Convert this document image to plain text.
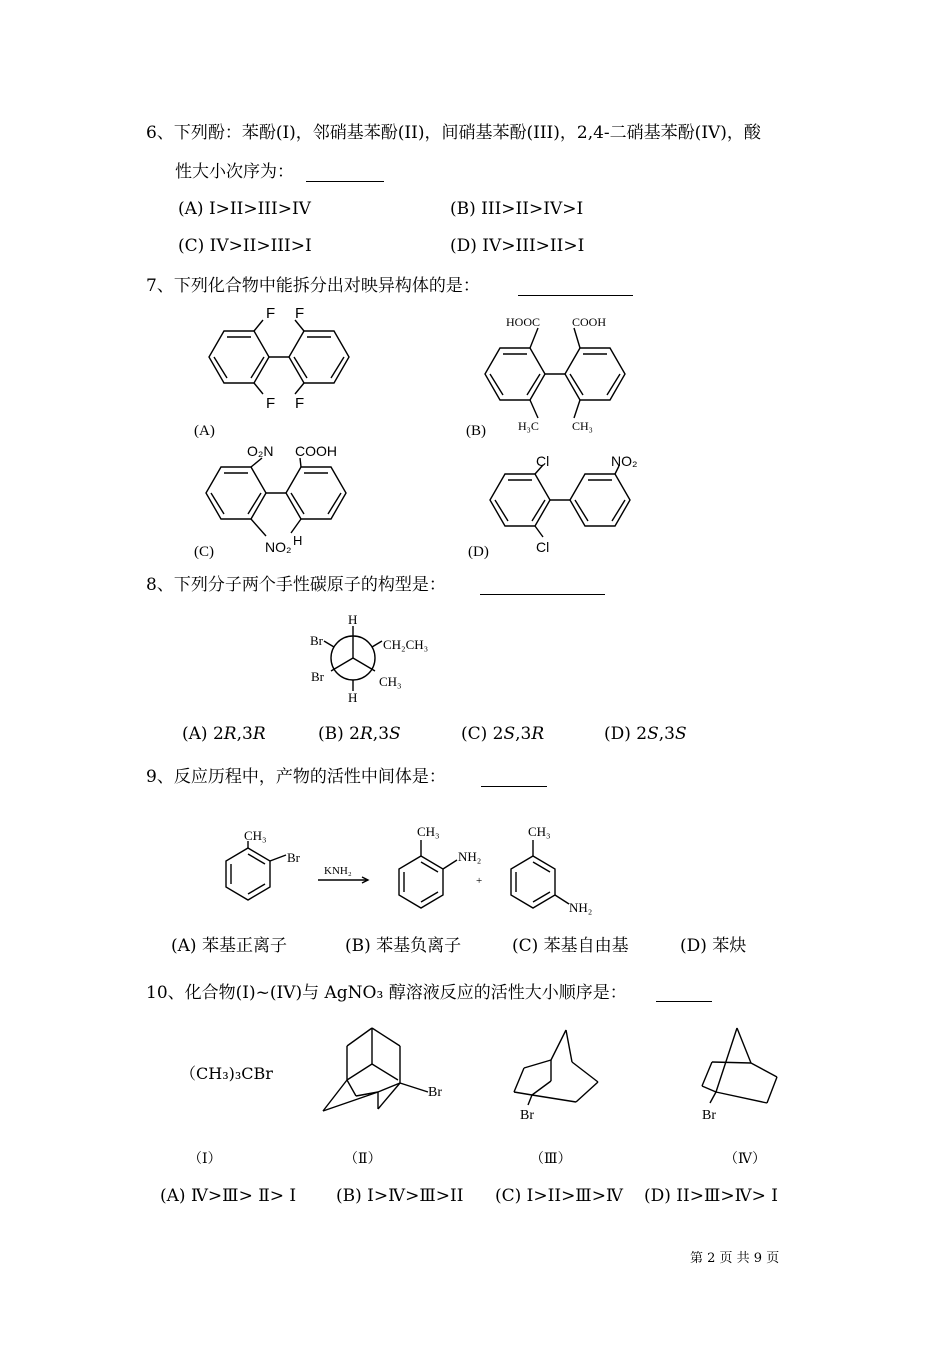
6、下列酚：苯酚(I)，邻硝基苯酚(II)，间硝基苯酚(III)，2,4-二硝基苯酚(IV)，酸
性大小次序为：
(A) I>II>III>IV	(B) III>II>IV>I
(C) IV>II>III>I	(D) IV>III>II>I
7、下列化合物中能拆分出对映异构体的是：
(A)	(B)
(C)	(D)
8、下列分子两个手性碳原子的构型是：
(A) 2R,3R	(B) 2R,3S	(C) 2S,3R	(D) 2S,3S
9、反应历程中，产物的活性中间体是：
(A) 苯基正离子	(B) 苯基负离子	(C) 苯基自由基	(D) 苯炔
10、化合物(I)~(IV)与 AgNO₃ 醇溶液反应的活性大小顺序是：
（CH₃)₃CBr
（Ⅰ）	（Ⅱ）	（Ⅲ）	（Ⅳ）
(A) Ⅳ>Ⅲ> Ⅱ> Ⅰ (B) I>Ⅳ>Ⅲ>II (C) I>II>Ⅲ>Ⅳ (D) II>Ⅲ>Ⅳ> Ⅰ
第 2 页 共 9 页
F F
F F
HOOC	COOH
H₃C	CH₃
O₂N COOH
NO₂ H
Cl	NO₂
Cl
H
Br	CH₂CH₃
Br	CH₃
H
CH₃
Br
KNH₂
CH₃
NH₂
+
CH₃
NH₂
Br
Br	Br
